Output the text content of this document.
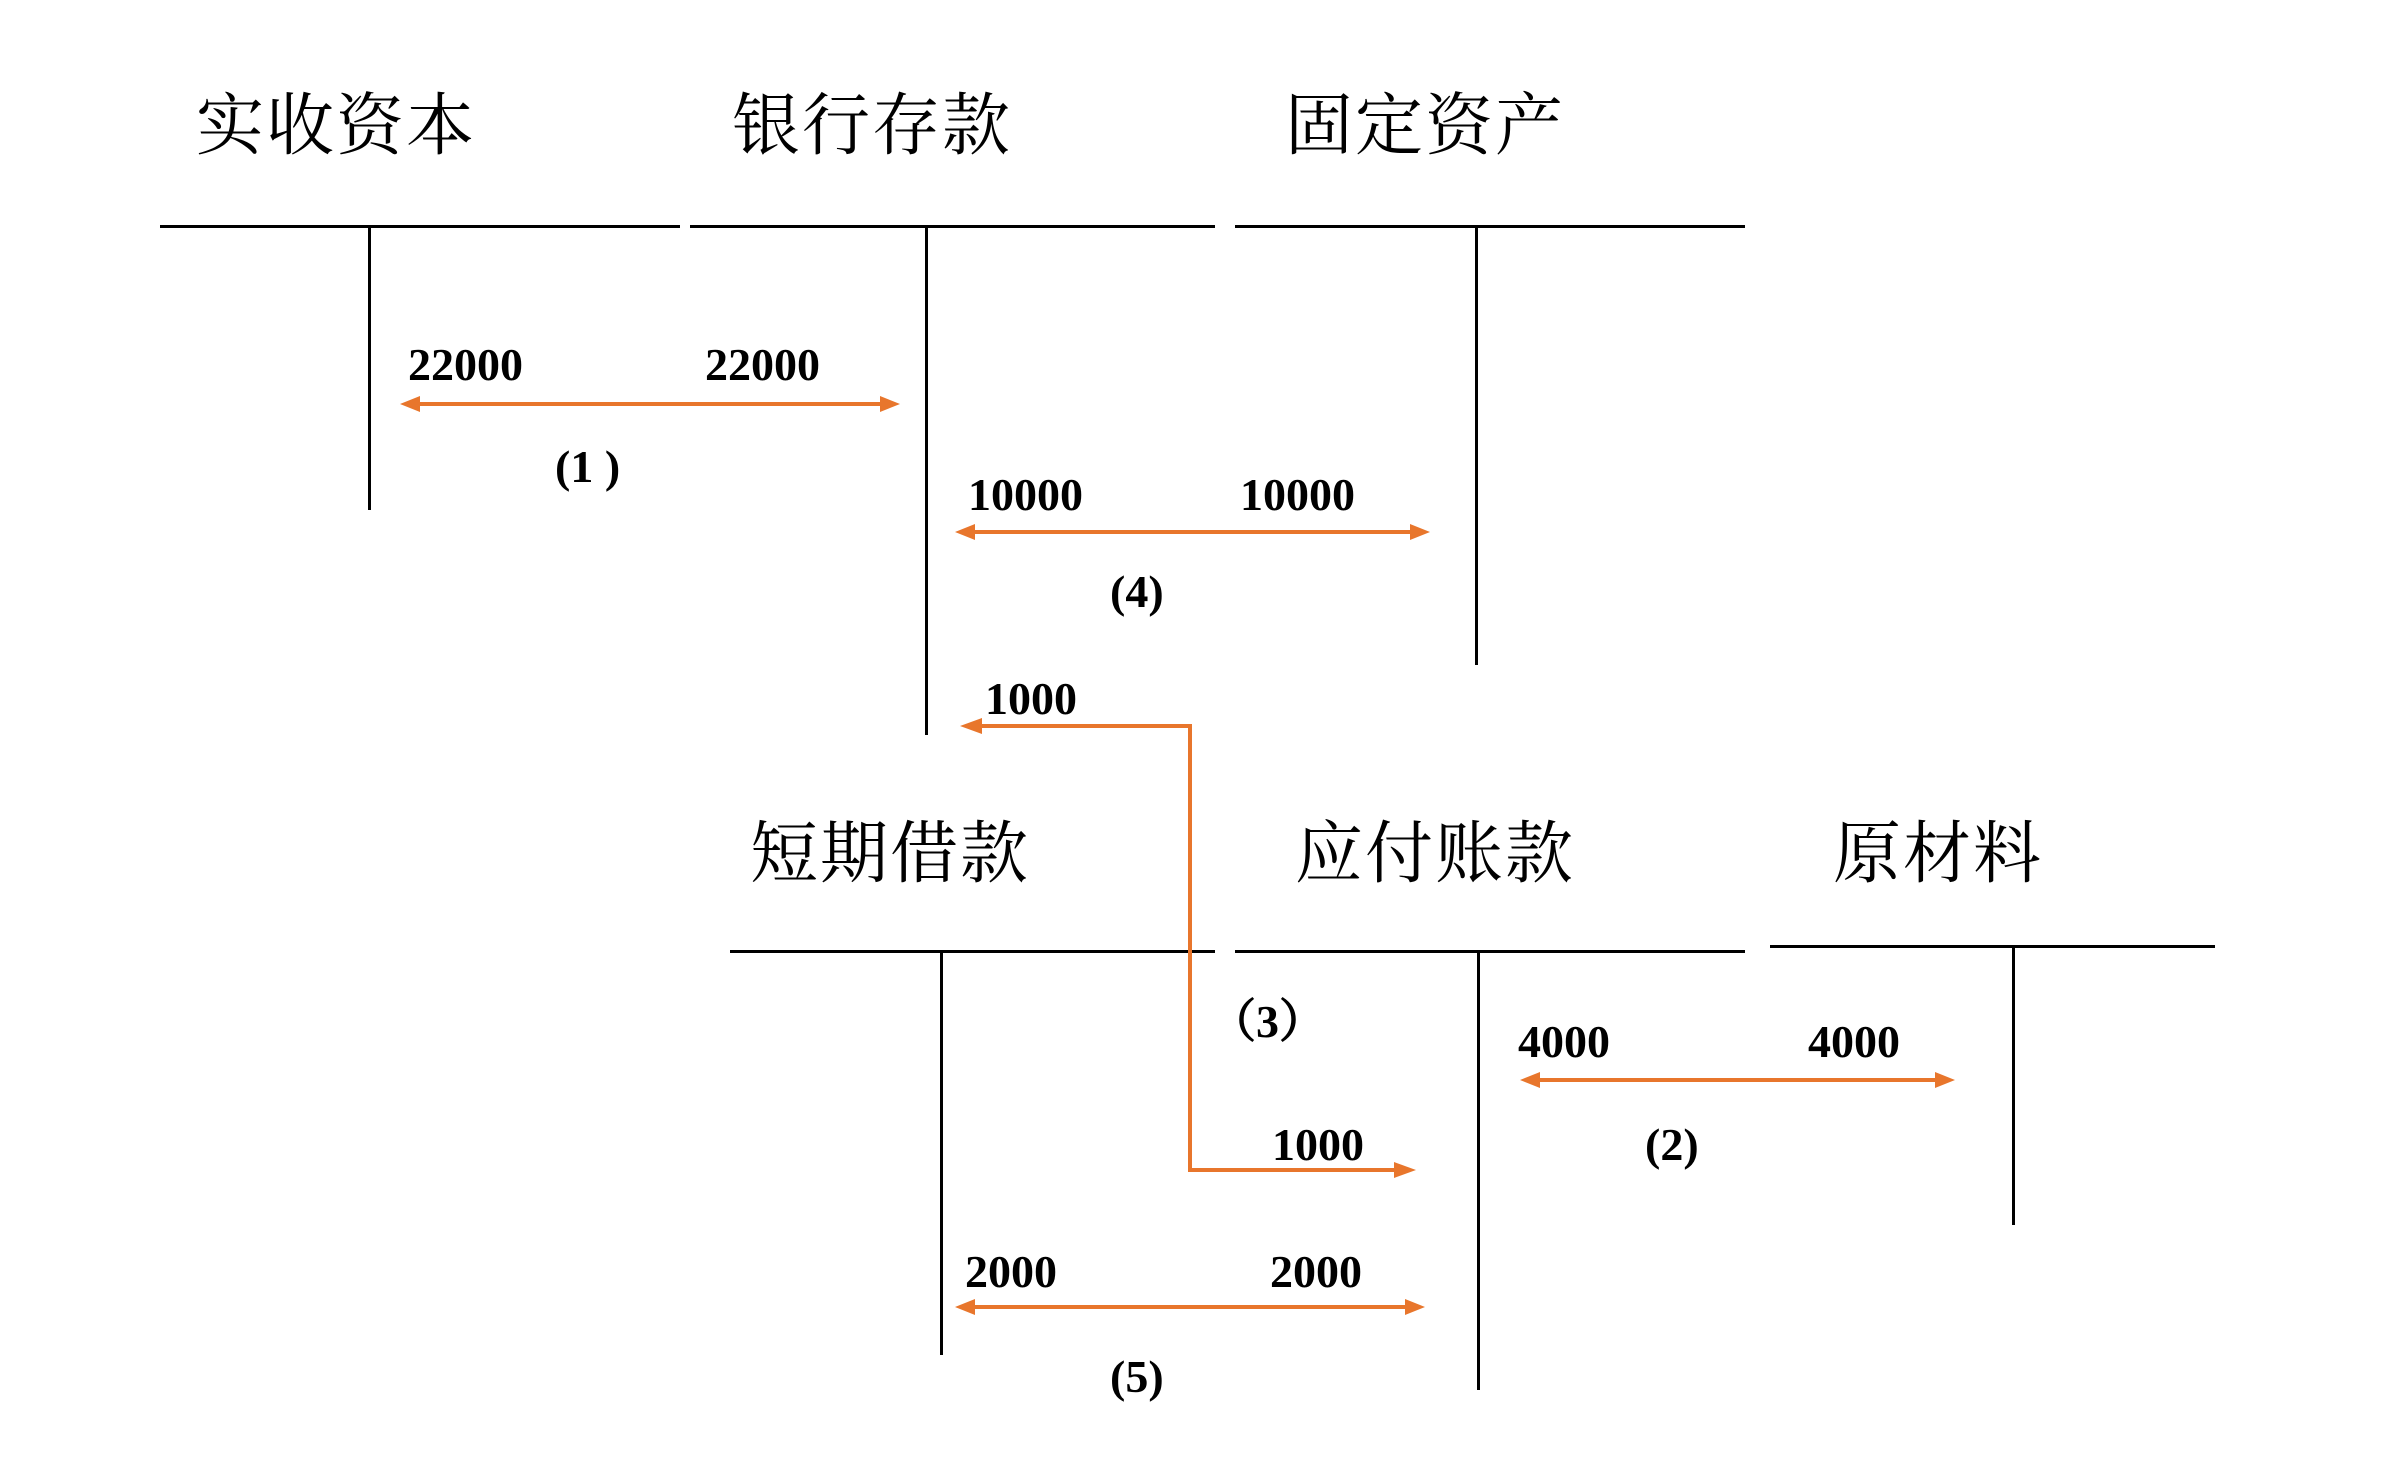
实收资本	银行存款	固定资产
短期借款	应付账款	原材料
22000	22000
(1 )
10000	10000
(4)
1000
（3）
1000
2000	2000
(5)
4000	4000
(2)
